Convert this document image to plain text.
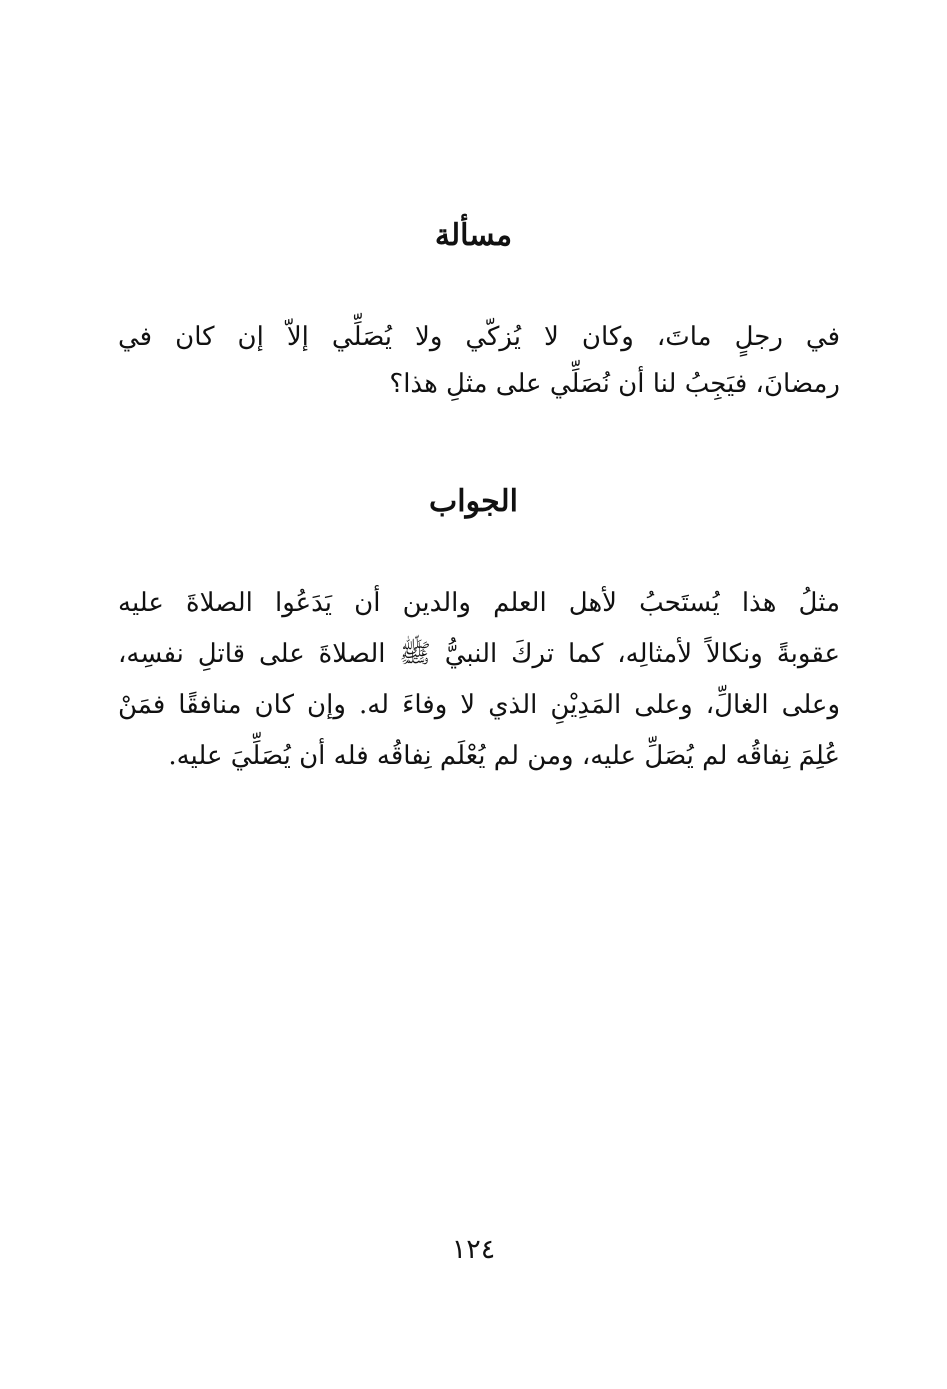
مسألة
في رجلٍ ماتَ، وكان لا يُزكّي ولا يُصَلِّي إلاّ إن كان في
رمضانَ، فيَجِبُ لنا أن نُصَلِّي على مثلِ هذا؟
الجواب
مثلُ هذا يُستَحبُ لأهل العلم والدين أن يَدَعُوا الصلاةَ عليه
عقوبةً ونكالاً لأمثالِه، كما تركَ النبيُّ ﷺ الصلاةَ على قاتلِ نفسِه،
وعلى الغالِّ، وعلى المَدِيْنِ الذي لا وفاءَ له. وإن كان منافقًا فمَنْ
عُلِمَ نِفاقُه لم يُصَلِّ عليه، ومن لم يُعْلَم نِفاقُه فله أن يُصَلِّيَ عليه.
١٢٤
